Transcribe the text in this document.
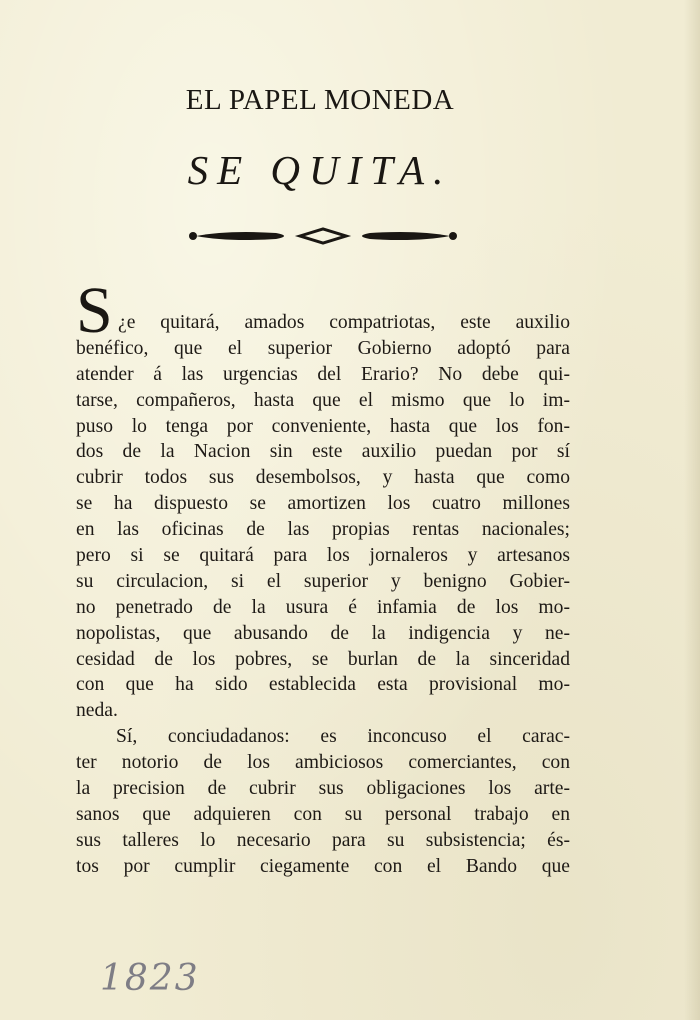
EL PAPEL MONEDA
SE QUITA.
S ¿e quitará, amados compatriotas, este auxilio
benéfico, que el superior Gobierno adoptó para
atender á las urgencias del Erario? No debe qui-
tarse, compañeros, hasta que el mismo que lo im-
puso lo tenga por conveniente, hasta que los fon-
dos de la Nacion sin este auxilio puedan por sí
cubrir todos sus desembolsos, y hasta que como
se ha dispuesto se amortizen los cuatro millones
en las oficinas de las propias rentas nacionales;
pero si se quitará para los jornaleros y artesanos
su circulacion, si el superior y benigno Gobier-
no penetrado de la usura é infamia de los mo-
nopolistas, que abusando de la indigencia y ne-
cesidad de los pobres, se burlan de la sinceridad
con que ha sido establecida esta provisional mo-
neda.
Sí, conciudadanos: es inconcuso el carac-
ter notorio de los ambiciosos comerciantes, con
la precision de cubrir sus obligaciones los arte-
sanos que adquieren con su personal trabajo en
sus talleres lo necesario para su subsistencia; és-
tos por cumplir ciegamente con el Bando que
1823
